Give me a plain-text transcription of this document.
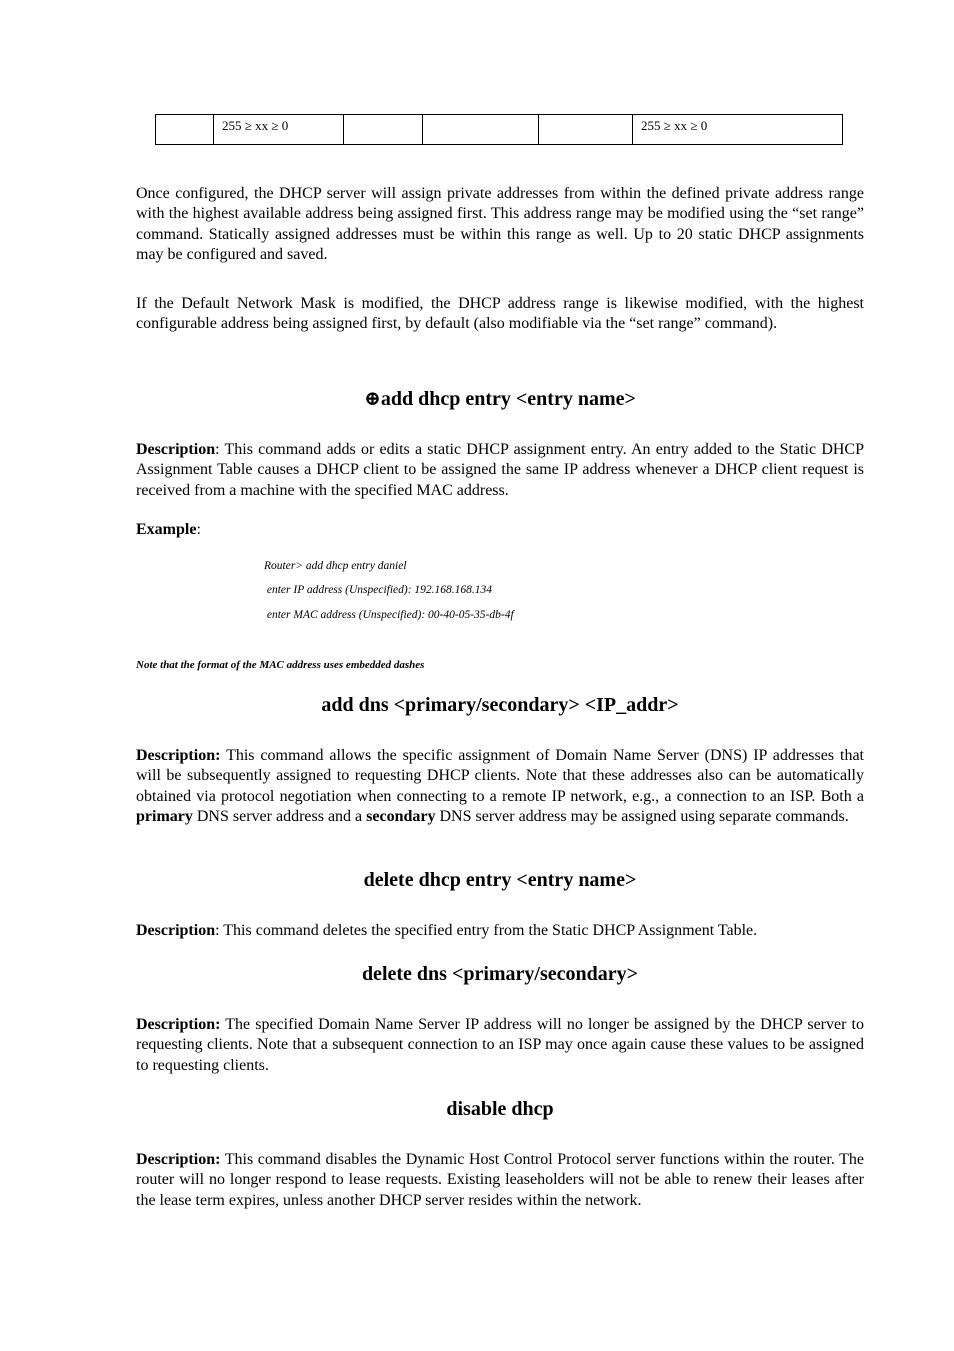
	255 ≥ xx ≥ 0				255 ≥ xx ≥ 0

Once configured, the DHCP server will assign private addresses from within the defined private address range with the highest available address being assigned first. This address range may be modified using the “set range” command. Statically assigned addresses must be within this range as well. Up to 20 static DHCP assignments may be configured and saved.

If the Default Network Mask is modified, the DHCP address range is likewise modified, with the highest configurable address being assigned first, by default (also modifiable via the “set range” command).

⊕add dhcp entry <entry name>

Description: This command adds or edits a static DHCP assignment entry. An entry added to the Static DHCP Assignment Table causes a DHCP client to be assigned the same IP address whenever a DHCP client request is received from a machine with the specified MAC address.

Example:

Router> add dhcp entry daniel

enter IP address (Unspecified): 192.168.168.134

enter MAC address (Unspecified): 00-40-05-35-db-4f

Note that the format of the MAC address uses embedded dashes

add dns <primary/secondary> <IP_addr>

Description: This command allows the specific assignment of Domain Name Server (DNS) IP addresses that will be subsequently assigned to requesting DHCP clients. Note that these addresses also can be automatically obtained via protocol negotiation when connecting to a remote IP network, e.g., a connection to an ISP. Both a primary DNS server address and a secondary DNS server address may be assigned using separate commands.

delete dhcp entry <entry name>

Description: This command deletes the specified entry from the Static DHCP Assignment Table.

delete dns <primary/secondary>

Description: The specified Domain Name Server IP address will no longer be assigned by the DHCP server to requesting clients. Note that a subsequent connection to an ISP may once again cause these values to be assigned to requesting clients.

disable dhcp

Description: This command disables the Dynamic Host Control Protocol server functions within the router. The router will no longer respond to lease requests. Existing leaseholders will not be able to renew their leases after the lease term expires, unless another DHCP server resides within the network.
